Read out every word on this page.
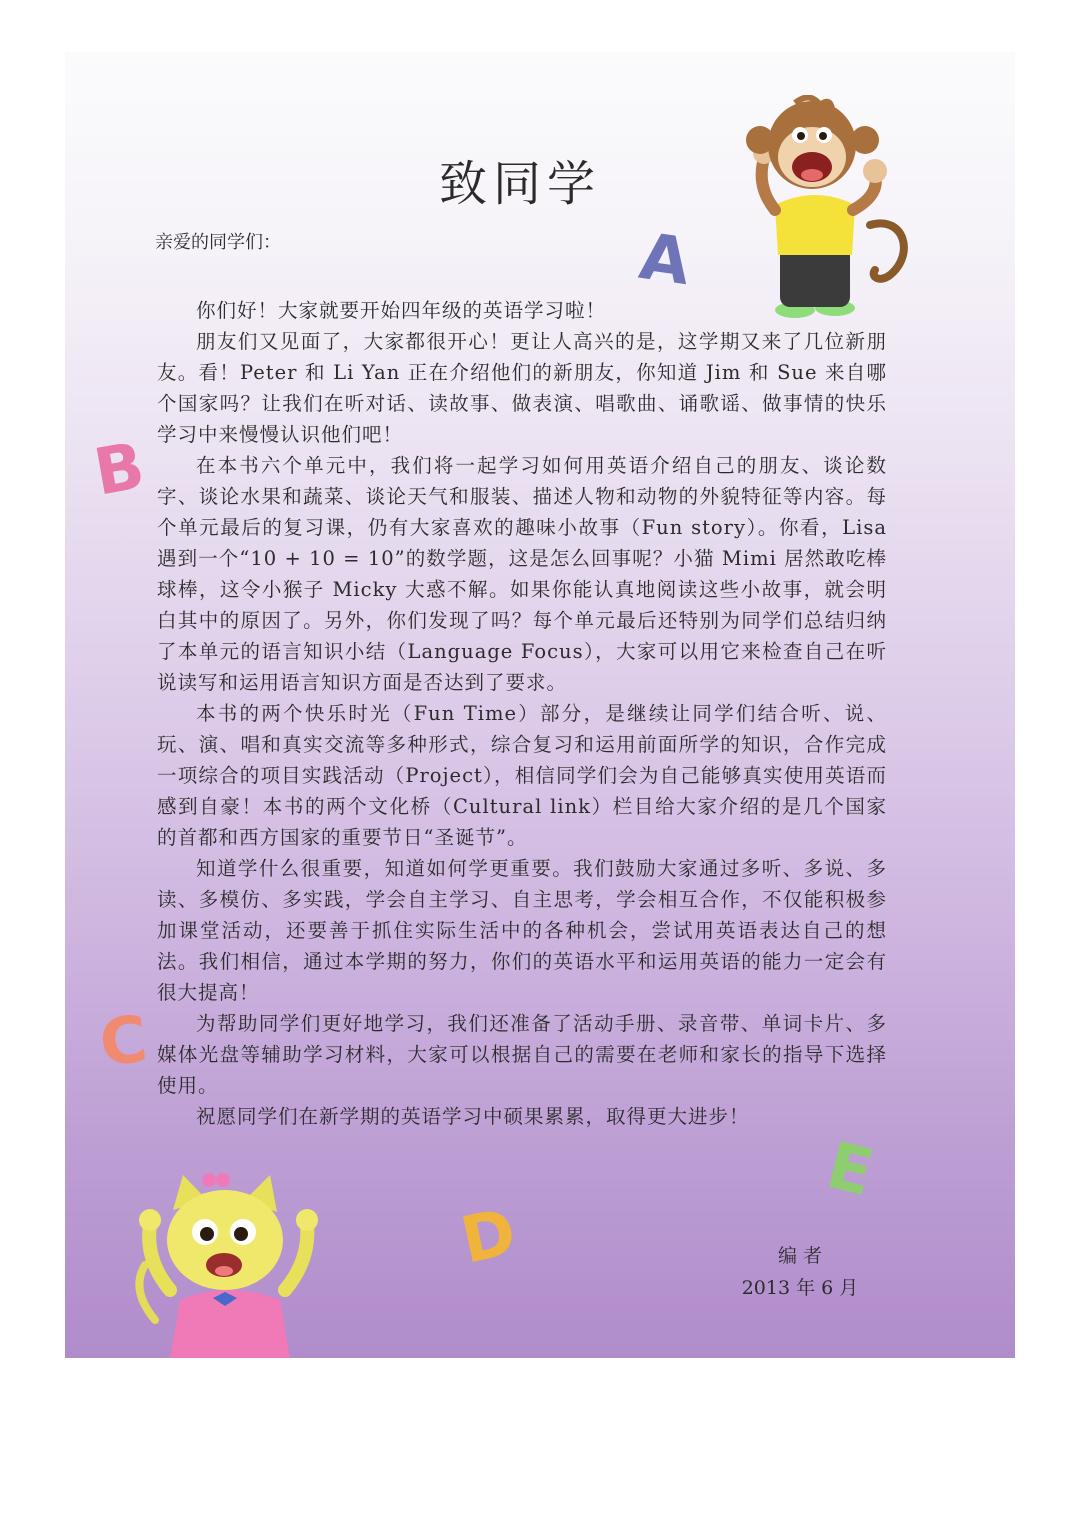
A
B
C
D
E
致同学
亲爱的同学们：

你们好！大家就要开始四年级的英语学习啦！

朋友们又见面了，大家都很开心！更让人高兴的是，这学期又来了几位新朋友。看！Peter 和 Li Yan 正在介绍他们的新朋友，你知道 Jim 和 Sue 来自哪个国家吗？让我们在听对话、读故事、做表演、唱歌曲、诵歌谣、做事情的快乐学习中来慢慢认识他们吧！

在本书六个单元中，我们将一起学习如何用英语介绍自己的朋友、谈论数字、谈论水果和蔬菜、谈论天气和服装、描述人物和动物的外貌特征等内容。每个单元最后的复习课，仍有大家喜欢的趣味小故事（Fun story）。你看，Lisa遇到一个“10 + 10 = 10”的数学题，这是怎么回事呢？小猫 Mimi 居然敢吃棒球棒，这令小猴子 Micky 大惑不解。如果你能认真地阅读这些小故事，就会明白其中的原因了。另外，你们发现了吗？每个单元最后还特别为同学们总结归纳了本单元的语言知识小结（Language Focus），大家可以用它来检查自己在听说读写和运用语言知识方面是否达到了要求。

本书的两个快乐时光（Fun Time）部分，是继续让同学们结合听、说、玩、演、唱和真实交流等多种形式，综合复习和运用前面所学的知识，合作完成一项综合的项目实践活动（Project），相信同学们会为自己能够真实使用英语而感到自豪！本书的两个文化桥（Cultural link）栏目给大家介绍的是几个国家的首都和西方国家的重要节日“圣诞节”。

知道学什么很重要，知道如何学更重要。我们鼓励大家通过多听、多说、多读、多模仿、多实践，学会自主学习、自主思考，学会相互合作，不仅能积极参加课堂活动，还要善于抓住实际生活中的各种机会，尝试用英语表达自己的想法。我们相信，通过本学期的努力，你们的英语水平和运用英语的能力一定会有很大提高！

为帮助同学们更好地学习，我们还准备了活动手册、录音带、单词卡片、多媒体光盘等辅助学习材料，大家可以根据自己的需要在老师和家长的指导下选择使用。

祝愿同学们在新学期的英语学习中硕果累累，取得更大进步！

编 者
2013 年 6 月
